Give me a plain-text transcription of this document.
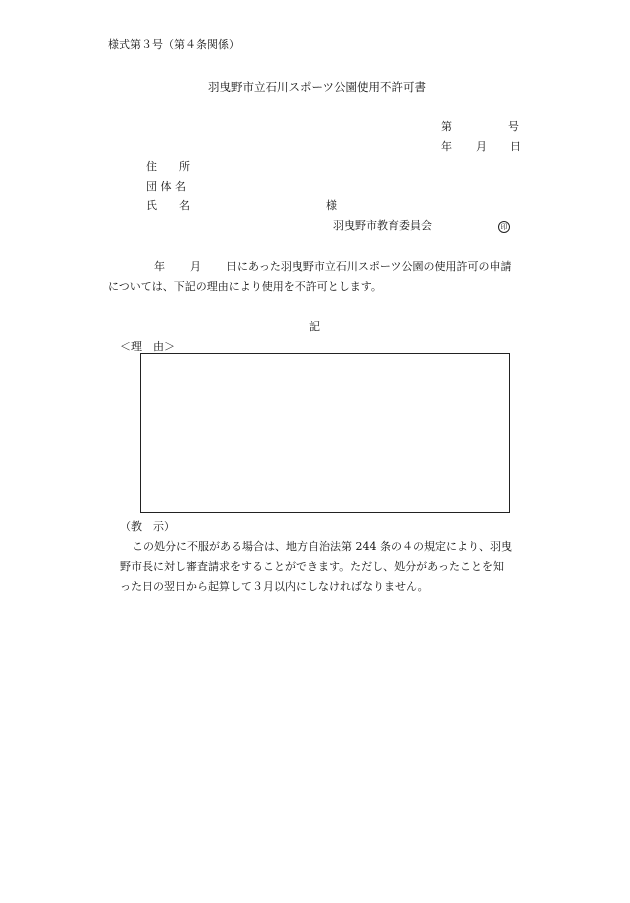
様式第３号（第４条関係）
羽曳野市立石川スポーツ公園使用不許可書
第	号
年 月 日
住　　所
団 体 名
氏　　名	様
羽曳野市教育委員会	印
年 月 日にあった羽曳野市立石川スポーツ公園の使用許可の申請
については、下記の理由により使用を不許可とします。
記
＜理　由＞
（教　示）
この処分に不服がある場合は、地方自治法第 244 条の４の規定により、羽曳
野市長に対し審査請求をすることができます。ただし、処分があったことを知
った日の翌日から起算して３月以内にしなければなりません。
